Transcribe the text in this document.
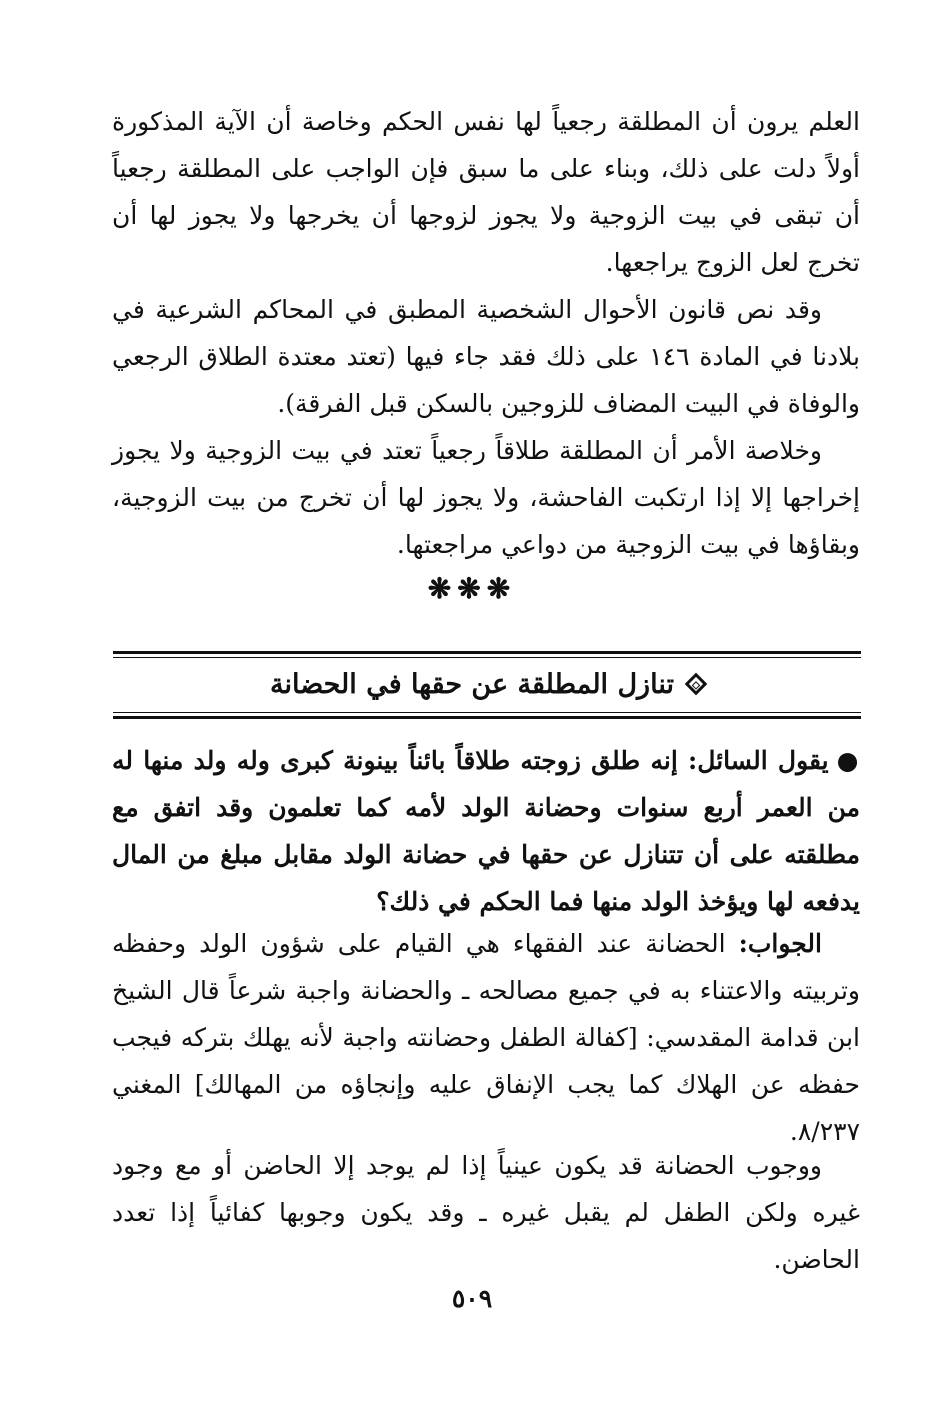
العلم يرون أن المطلقة رجعياً لها نفس الحكم وخاصة أن الآية المذكورة أولاً دلت على ذلك، وبناء على ما سبق فإن الواجب على المطلقة رجعياً أن تبقى في بيت الزوجية ولا يجوز لزوجها أن يخرجها ولا يجوز لها أن تخرج لعل الزوج يراجعها.

وقد نص قانون الأحوال الشخصية المطبق في المحاكم الشرعية في بلادنا في المادة ١٤٦ على ذلك فقد جاء فيها (تعتد معتدة الطلاق الرجعي والوفاة في البيت المضاف للزوجين بالسكن قبل الفرقة).

وخلاصة الأمر أن المطلقة طلاقاً رجعياً تعتد في بيت الزوجية ولا يجوز إخراجها إلا إذا ارتكبت الفاحشة، ولا يجوز لها أن تخرج من بيت الزوجية، وبقاؤها في بيت الزوجية من دواعي مراجعتها.

❋❋❋
تنازل المطلقة عن حقها في الحضانة

●يقول السائل: إنه طلق زوجته طلاقاً بائناً بينونة كبرى وله ولد منها له من العمر أربع سنوات وحضانة الولد لأمه كما تعلمون وقد اتفق مع مطلقته على أن تتنازل عن حقها في حضانة الولد مقابل مبلغ من المال يدفعه لها ويؤخذ الولد منها فما الحكم في ذلك؟

الجواب: الحضانة عند الفقهاء هي القيام على شؤون الولد وحفظه وتربيته والاعتناء به في جميع مصالحه ـ والحضانة واجبة شرعاً قال الشيخ ابن قدامة المقدسي: [كفالة الطفل وحضانته واجبة لأنه يهلك بتركه فيجب حفظه عن الهلاك كما يجب الإنفاق عليه وإنجاؤه من المهالك] المغني ٨/٢٣٧.

ووجوب الحضانة قد يكون عينياً إذا لم يوجد إلا الحاضن أو مع وجود غيره ولكن الطفل لم يقبل غيره ـ وقد يكون وجوبها كفائياً إذا تعدد الحاضن.

٥٠٩
